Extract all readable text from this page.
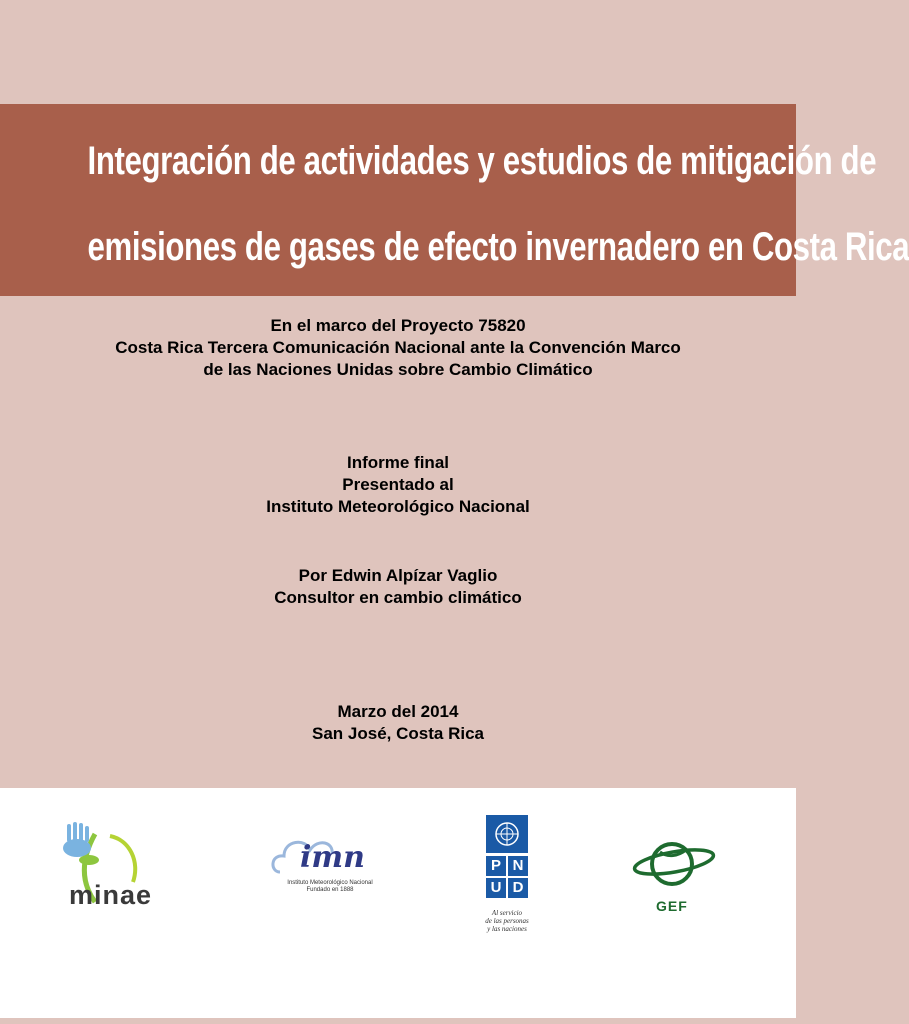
Integración de actividades y estudios de mitigación de
emisiones de gases de efecto invernadero en Costa Rica
En el marco del Proyecto 75820
Costa Rica Tercera Comunicación Nacional ante la Convención Marco
de las Naciones Unidas sobre Cambio Climático
Informe final
Presentado al
Instituto Meteorológico Nacional
Por Edwin Alpízar Vaglio
Consultor en cambio climático
Marzo del 2014
San José, Costa Rica
minae
imn
Instituto Meteorológico Nacional
Fundado en 1888
P N
U D
Al servicio
de las personas
y las naciones
GEF
